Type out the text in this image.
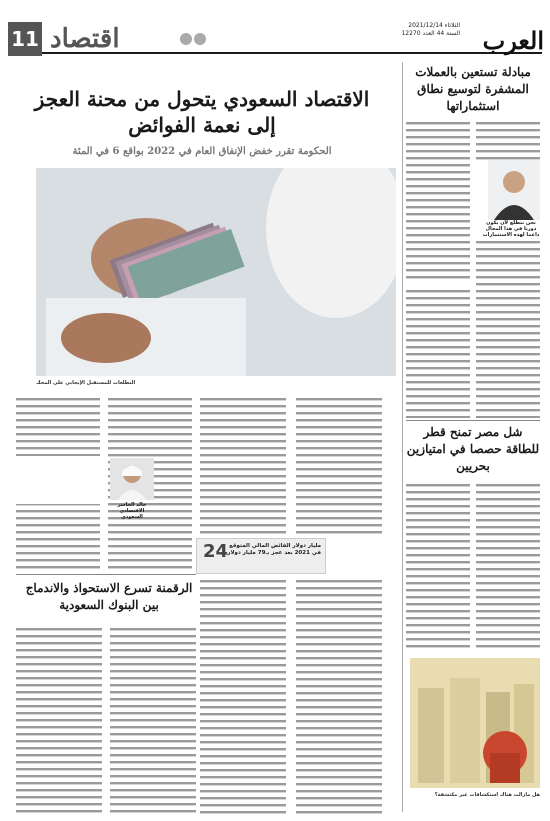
العرب
الثلاثاء 2021/12/14
السنة 44 العدد 12270
اقتصاد
11
الاقتصاد السعودي يتحول من محنة العجز إلى نعمة الفوائض
الحكومة تقرر خفض الإنفاق العام في 2022 بواقع 6 في المئة
التطلعات للمستقبل الإيجابي على المحك
خالد الجاسر الاقتصادي السعودي
24 مليار دولار الفائض المالي المتوقع في 2021 بعد عجز بـ79 مليار دولار
الرقمنة تسرع الاستحواذ والاندماج بين البنوك السعودية
مبادلة تستعين بالعملات المشفرة لتوسيع نطاق استثماراتها
نحن نتطلع لأن يكون دورنا في هذا المجال داعما لهذه الاستثمارات
شل مصر تمنح قطر للطاقة حصصا في امتيازين بحريين
هل مازالت هناك استكشافات غير مكتشفة؟
